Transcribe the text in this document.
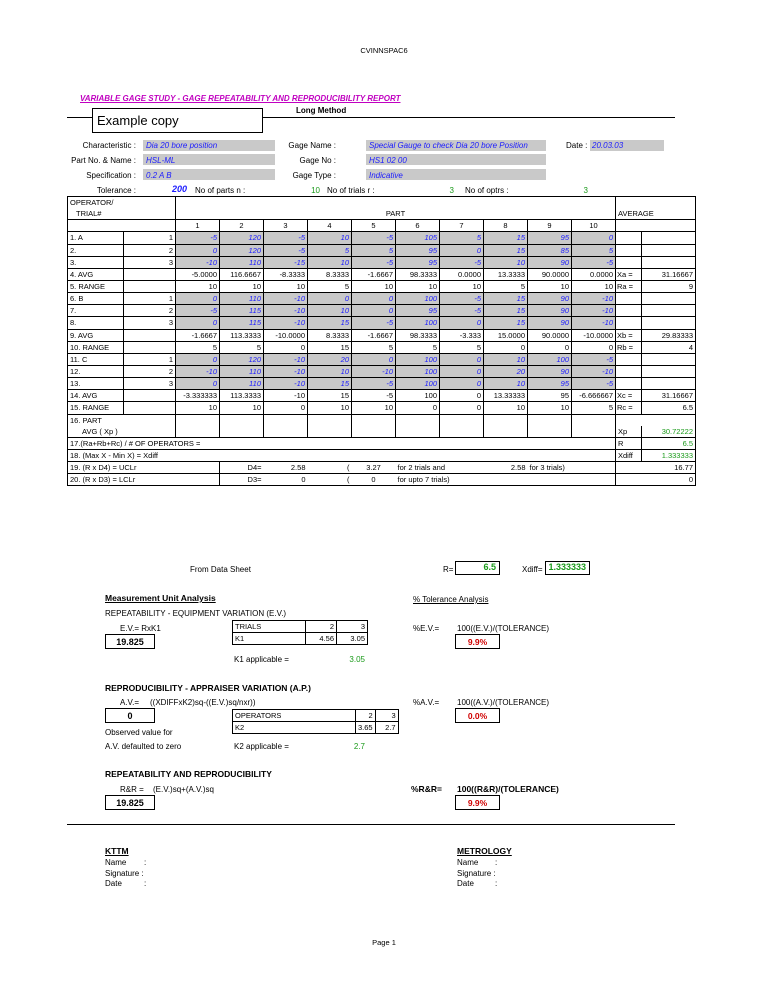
CVINNSPAC6
VARIABLE GAGE STUDY - GAGE REPEATABILITY AND REPRODUCIBILITY REPORT
Long Method
Example copy
Characteristic : Dia 20 bore position
Part No. & Name : HSL-ML
Specification : 0.2 A B
Tolerance :	200 No of parts n :	10 No of trials r :	3 No of optrs :	3
Gage Name :	Special Gauge to check Dia 20 bore Position
Gage No :	HS1 02 00
Gage Type :	Indicative
Date : 20.03.03
OPERATOR/													
TRIAL#		PART										AVERAGE	
		1	2	3	4	5	6	7	8	9	10		
1. A	1	-5	120	-5	10	-5	105	5	15	95	0		
2.	2	0	120	-5	5	5	95	0	15	85	5		
3.	3	-10	110	-15	10	-5	95	-5	10	90	-5		
4. AVG		-5.0000	116.6667	-8.3333	8.3333	-1.6667	98.3333	0.0000	13.3333	90.0000	0.0000	Xa =	31.16667
5. RANGE		10	10	10	5	10	10	10	5	10	10	Ra =	9
6. B	1	0	110	-10	0	0	100	-5	15	90	-10		
7.	2	-5	115	-10	10	0	95	-5	15	90	-10		
8.	3	0	115	-10	15	-5	100	0	15	90	-10		
9. AVG		-1.6667	113.3333	-10.0000	8.3333	-1.6667	98.3333	-3.333	15.0000	90.0000	-10.0000	Xb =	29.83333
10. RANGE		5	5	0	15	5	5	5	0	0	0	Rb =	4
11. C	1	0	120	-10	20	0	100	0	10	100	-5		
12.	2	-10	110	-10	10	-10	100	0	20	90	-10		
13.	3	0	110	-10	15	-5	100	0	10	95	-5		
14. AVG		-3.333333	113.3333	-10	15	-5	100	0	13.33333	95	-6.666667	Xc =	31.16667
15. RANGE		10	10	0	10	10	0	0	10	10	5	Rc =	6.5
16. PART													
AVG ( Xp )												Xp	30.72222
17.(Ra+Rb+Rc) / # OF OPERATORS =												R	6.5
18. (Max X - Min X) = Xdiff												Xdiff	1.333333
19. (R x D4) = UCLr			D4=	2.58	(	3.27	for 2 trials and		2.58	for 3 trials)		16.77	
20. (R x D3) = LCLr			D3=	0	(	0	for upto 7 trials)					0	
From Data Sheet	R=	6.5	Xdiff= 1.333333
Measurement Unit Analysis	% Tolerance Analysis
REPEATABILITY - EQUIPMENT VARIATION (E.V.)
E.V.= RxK1
19.825
TRIALS	2	3
K1	4.56	3.05
K1 applicable =	3.05
%E.V.= 100((E.V.)/(TOLERANCE)
9.9%
REPRODUCIBILITY - APPRAISER VARIATION (A.P.)
A.V.= ((XDIFFxK2)sq-((E.V.)sq/nxr))
0	OPERATORS	2	3
K2	3.65	2.7
Observed value for
A.V. defaulted to zero	K2 applicable =	2.7
%A.V.= 100((A.V.)/(TOLERANCE)
0.0%
REPEATABILITY AND REPRODUCIBILITY
R&R = (E.V.)sq+(A.V.)sq
19.825
%R&R= 100((R&R)/(TOLERANCE)
9.9%
KTTM
Name :
Signature :
Date	:
METROLOGY
Name :
Signature :
Date	:
Page 1
